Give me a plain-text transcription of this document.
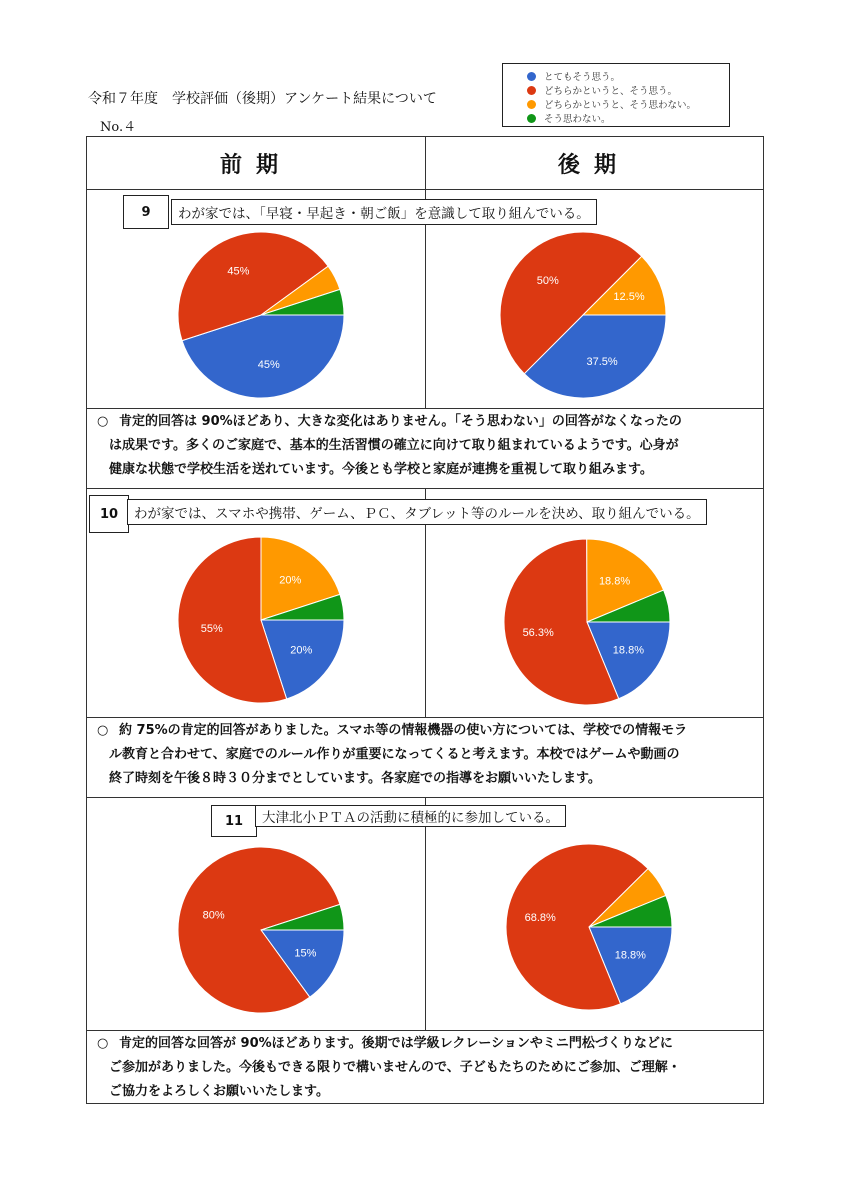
令和７年度　学校評価（後期）アンケート結果について
No.４
とてもそう思う。
どちらかというと、そう思う。
どちらかというと、そう思わない。
そう思わない。
前期	後期
9	わが家では、「早寝・早起き・朝ご飯」を意識して取り組んでいる。
10	わが家では、スマホや携帯、ゲーム、ＰＣ、タブレット等のルールを決め、取り組んでいる。
11	大津北小ＰＴＡの活動に積極的に参加している。
45%
45%
37.5%
50%
12.5%
20%
55%
20%
18.8%
56.3%
18.8%
15%
80%
18.8%
68.8%

○ 肯定的回答は 90%ほどあり、大きな変化はありません。「そう思わない」の回答がなくなったの

は成果です。多くのご家庭で、基本的生活習慣の確立に向けて取り組まれているようです。心身が

健康な状態で学校生活を送れています。今後とも学校と家庭が連携を重視して取り組みます。

○ 約 75%の肯定的回答がありました。スマホ等の情報機器の使い方については、学校での情報モラ

ル教育と合わせて、家庭でのルール作りが重要になってくると考えます。本校ではゲームや動画の

終了時刻を午後８時３０分までとしています。各家庭での指導をお願いいたします。

○ 肯定的回答な回答が 90%ほどあります。後期では学級レクレーションやミニ門松づくりなどに

ご参加がありました。今後もできる限りで構いませんので、子どもたちのためにご参加、ご理解・

ご協力をよろしくお願いいたします。
